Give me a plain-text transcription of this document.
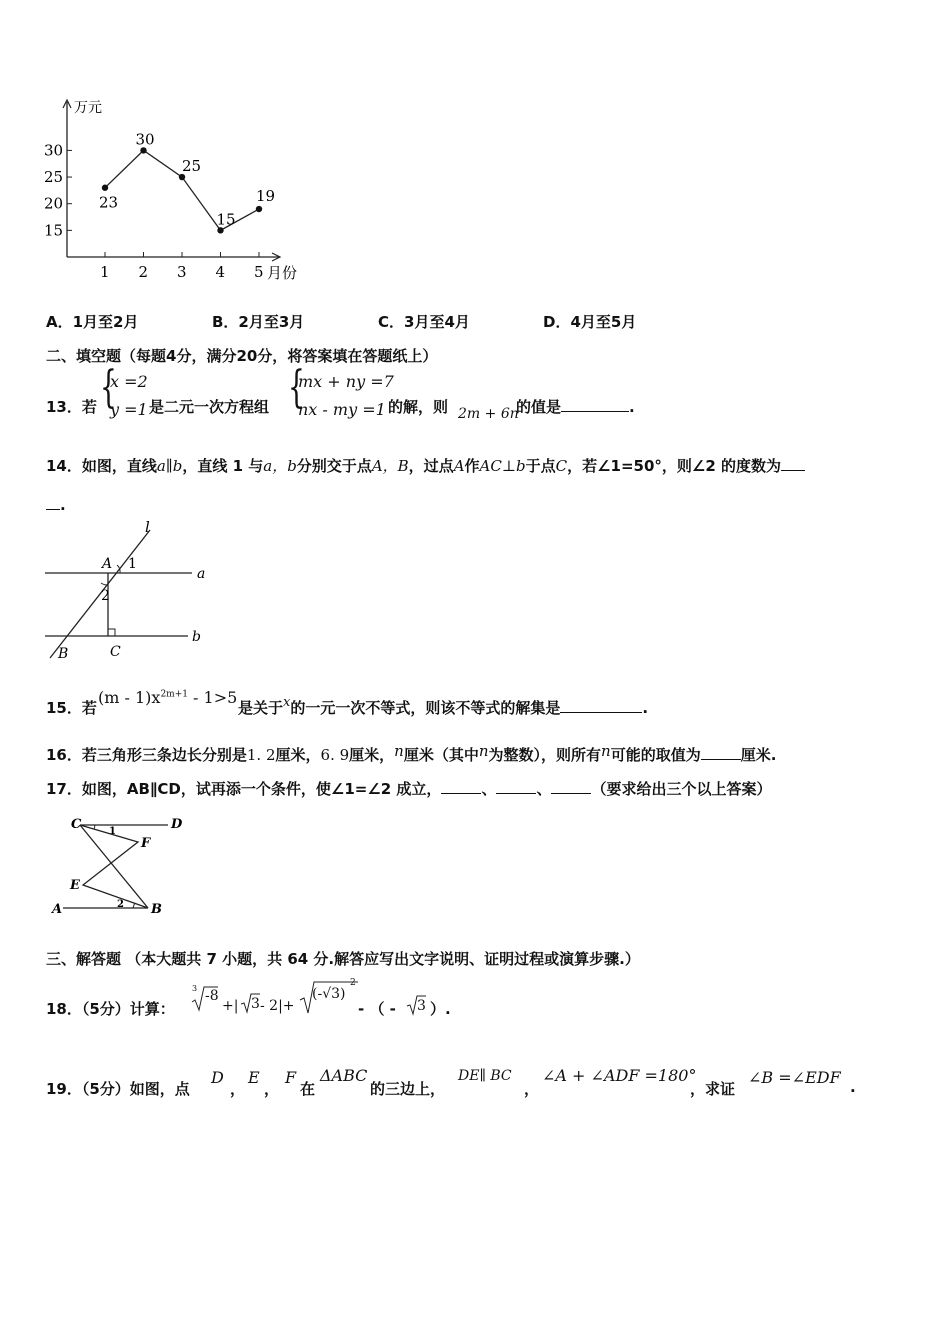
15
20
25
30
1 2 3 4 5
万元
月份
23
30
25
15
19
A．1月至2月	B．2月至3月	C．3月至4月	D．4月至5月
二、填空题（每题4分，满分20分，将答案填在答题纸上）
13．若 {
x =2
y =1 是二元一次方程组 {
mx + ny =7
nx - my =1 的解，则 2m + 6n
的值是	.
14．如图，直线a∥b，直线 1 与a，b分别交于点A，B，过点A作AC⊥b于点C，若∠1=50°，则∠2 的度数为
.
l
a
b
A
B	C
1
2
15．若
$(m - 1)x^{2m+1} - 1>5$
是关于x的一元一次不等式，则该不等式的解集是	.
16．若三角形三条边长分别是1. 2厘米，6. 9厘米，n厘米（其中n为整数），则所有n可能的取值为	厘米.
17．如图，AB∥CD，试再添一个条件，使∠1=∠2 成立，	、	、	（要求给出三个以上答案）
C	D
F
E
A	B
1
2
三、解答题 （本大题共 7 小题，共 64 分.解答应写出文字说明、证明过程或演算步骤.）
18．（5分）计算：
3 -8
+| 3 - 2|+
(-√3)
2
- （ - 3 ）.
19．（5分）如图，点
D
，
E
，
F
在
ΔABC
的三边上，
DE∥ BC
，
∠A + ∠ADF =180°
，求证
∠B =∠EDF .
